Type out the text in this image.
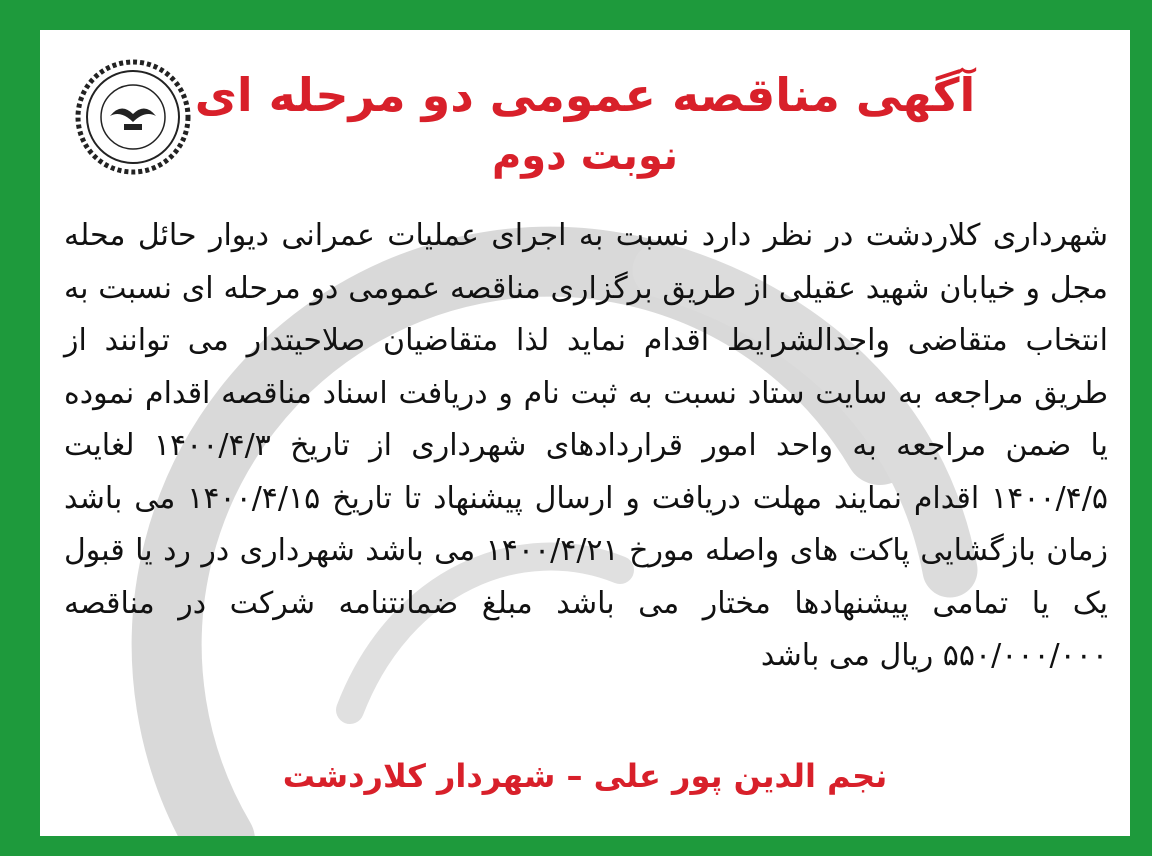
آگهی مناقصه عمومی دو مرحله ای
نوبت دوم

شهرداری کلاردشت در نظر دارد نسبت به اجرای عملیات عمرانی دیوار حائل محله مجل و خیابان شهید عقیلی از طریق برگزاری مناقصه عمومی دو مرحله ای نسبت به انتخاب متقاضی واجدالشرایط اقدام نماید لذا متقاضیان صلاحیتدار می توانند از طریق مراجعه به سایت ستاد نسبت به ثبت نام و دریافت اسناد مناقصه اقدام نموده یا ضمن مراجعه به واحد امور قراردادهای شهرداری از تاریخ ۱۴۰۰/۴/۳ لغایت ۱۴۰۰/۴/۵ اقدام نمایند مهلت دریافت و ارسال پیشنهاد تا تاریخ ۱۴۰۰/۴/۱۵ می باشد زمان بازگشایی پاکت های واصله مورخ ۱۴۰۰/۴/۲۱ می باشد شهرداری در رد یا قبول یک یا تمامی پیشنهادها مختار می باشد مبلغ ضمانتنامه شرکت در مناقصه ۵۵۰/۰۰۰/۰۰۰ ریال می باشد

نجم الدین پور علی – شهردار کلاردشت
